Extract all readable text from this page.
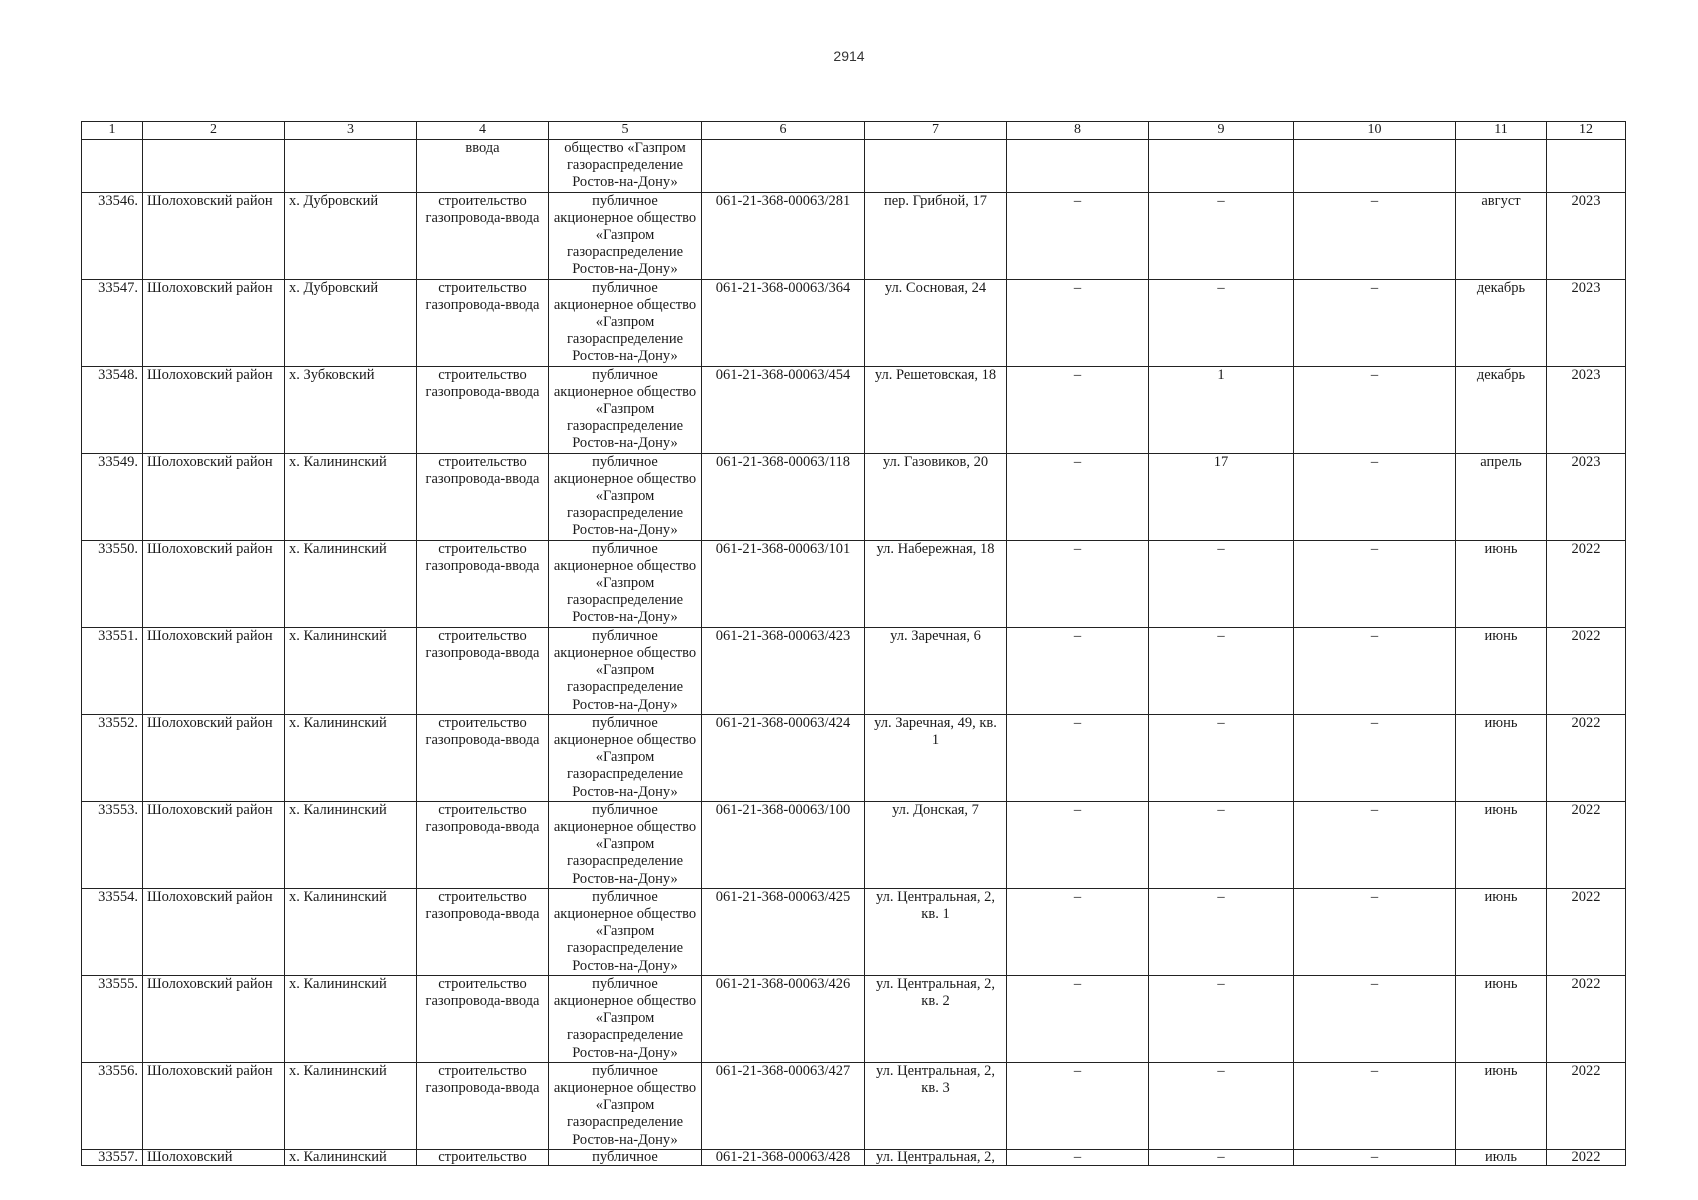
2914
1	2	3	4	5	6	7	8	9	10	11	12
			ввода	общество «Газпром газораспределение Ростов-на-Дону»							
33546.	Шолоховский район	х. Дубровский	строительство газопровода-ввода	публичное акционерное общество «Газпром газораспределение Ростов-на-Дону»	061-21-368-00063/281	пер. Грибной, 17	–	–	–	август	2023
33547.	Шолоховский район	х. Дубровский	строительство газопровода-ввода	публичное акционерное общество «Газпром газораспределение Ростов-на-Дону»	061-21-368-00063/364	ул. Сосновая, 24	–	–	–	декабрь	2023
33548.	Шолоховский район	х. Зубковский	строительство газопровода-ввода	публичное акционерное общество «Газпром газораспределение Ростов-на-Дону»	061-21-368-00063/454	ул. Решетовская, 18	–	1	–	декабрь	2023
33549.	Шолоховский район	х. Калининский	строительство газопровода-ввода	публичное акционерное общество «Газпром газораспределение Ростов-на-Дону»	061-21-368-00063/118	ул. Газовиков, 20	–	17	–	апрель	2023
33550.	Шолоховский район	х. Калининский	строительство газопровода-ввода	публичное акционерное общество «Газпром газораспределение Ростов-на-Дону»	061-21-368-00063/101	ул. Набережная, 18	–	–	–	июнь	2022
33551.	Шолоховский район	х. Калининский	строительство газопровода-ввода	публичное акционерное общество «Газпром газораспределение Ростов-на-Дону»	061-21-368-00063/423	ул. Заречная, 6	–	–	–	июнь	2022
33552.	Шолоховский район	х. Калининский	строительство газопровода-ввода	публичное акционерное общество «Газпром газораспределение Ростов-на-Дону»	061-21-368-00063/424	ул. Заречная, 49, кв. 1	–	–	–	июнь	2022
33553.	Шолоховский район	х. Калининский	строительство газопровода-ввода	публичное акционерное общество «Газпром газораспределение Ростов-на-Дону»	061-21-368-00063/100	ул. Донская, 7	–	–	–	июнь	2022
33554.	Шолоховский район	х. Калининский	строительство газопровода-ввода	публичное акционерное общество «Газпром газораспределение Ростов-на-Дону»	061-21-368-00063/425	ул. Центральная, 2, кв. 1	–	–	–	июнь	2022
33555.	Шолоховский район	х. Калининский	строительство газопровода-ввода	публичное акционерное общество «Газпром газораспределение Ростов-на-Дону»	061-21-368-00063/426	ул. Центральная, 2, кв. 2	–	–	–	июнь	2022
33556.	Шолоховский район	х. Калининский	строительство газопровода-ввода	публичное акционерное общество «Газпром газораспределение Ростов-на-Дону»	061-21-368-00063/427	ул. Центральная, 2, кв. 3	–	–	–	июнь	2022
33557.	Шолоховский	х. Калининский	строительство	публичное	061-21-368-00063/428	ул. Центральная, 2,	–	–	–	июль	2022
